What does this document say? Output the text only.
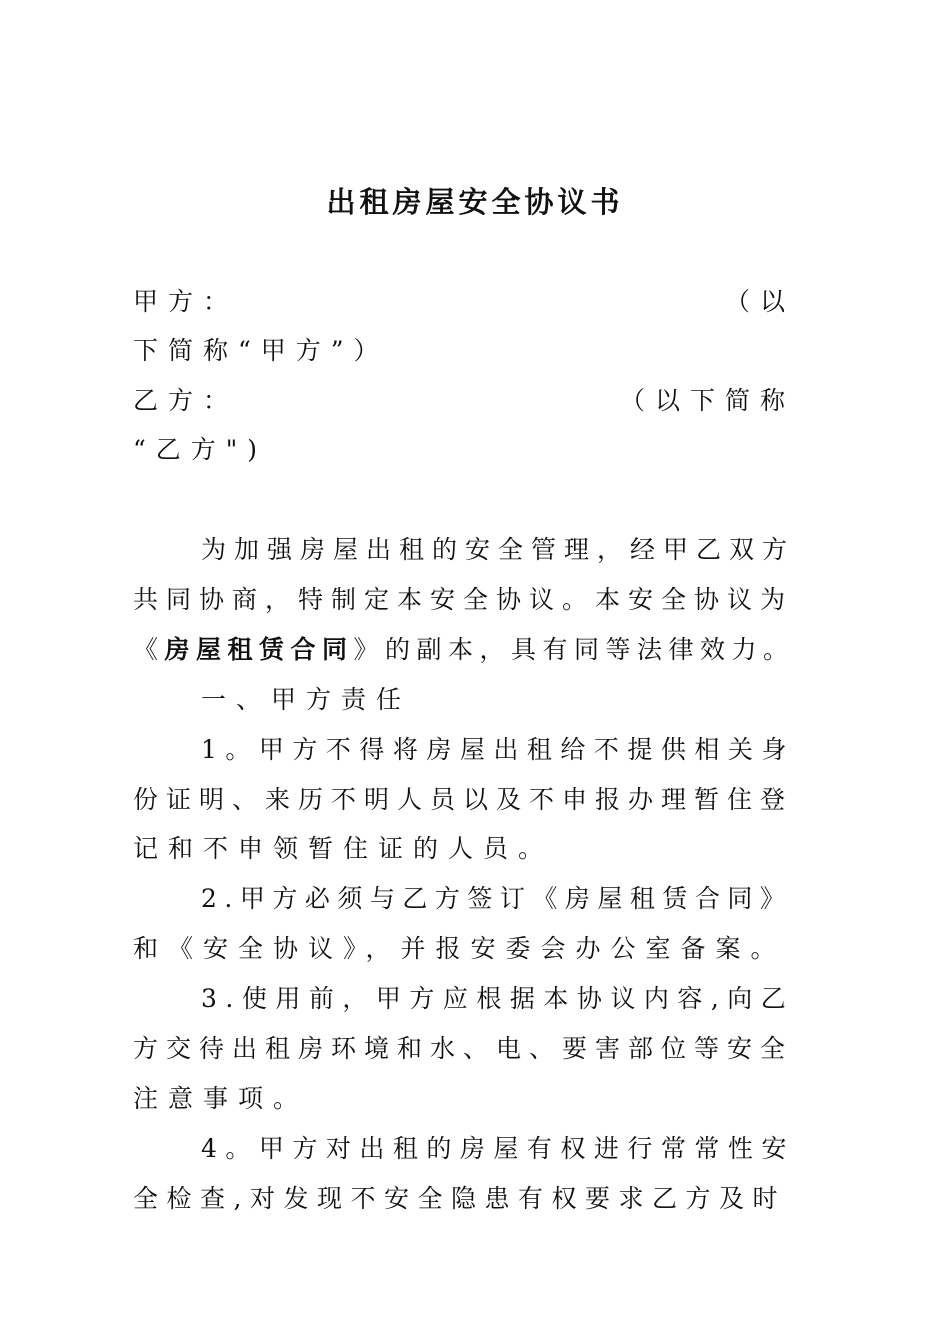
出租房屋安全协议书
甲方：	（以
下简称“甲方”）
乙方：	（以下简称
“乙方")
为加强房屋出租的安全管理，经甲乙双方
共同协商，特制定本安全协议。本安全协议为
《房屋租赁合同》的副本，具有同等法律效力。
一、甲方责任
1。甲方不得将房屋出租给不提供相关身
份证明、来历不明人员以及不申报办理暂住登
记和不申领暂住证的人员。
2.甲方必须与乙方签订《房屋租赁合同》
和《安全协议》，并报安委会办公室备案。
3.使用前，甲方应根据本协议内容,向乙
方交待出租房环境和水、电、要害部位等安全
注意事项。
4。甲方对出租的房屋有权进行常常性安
全检查,对发现不安全隐患有权要求乙方及时
